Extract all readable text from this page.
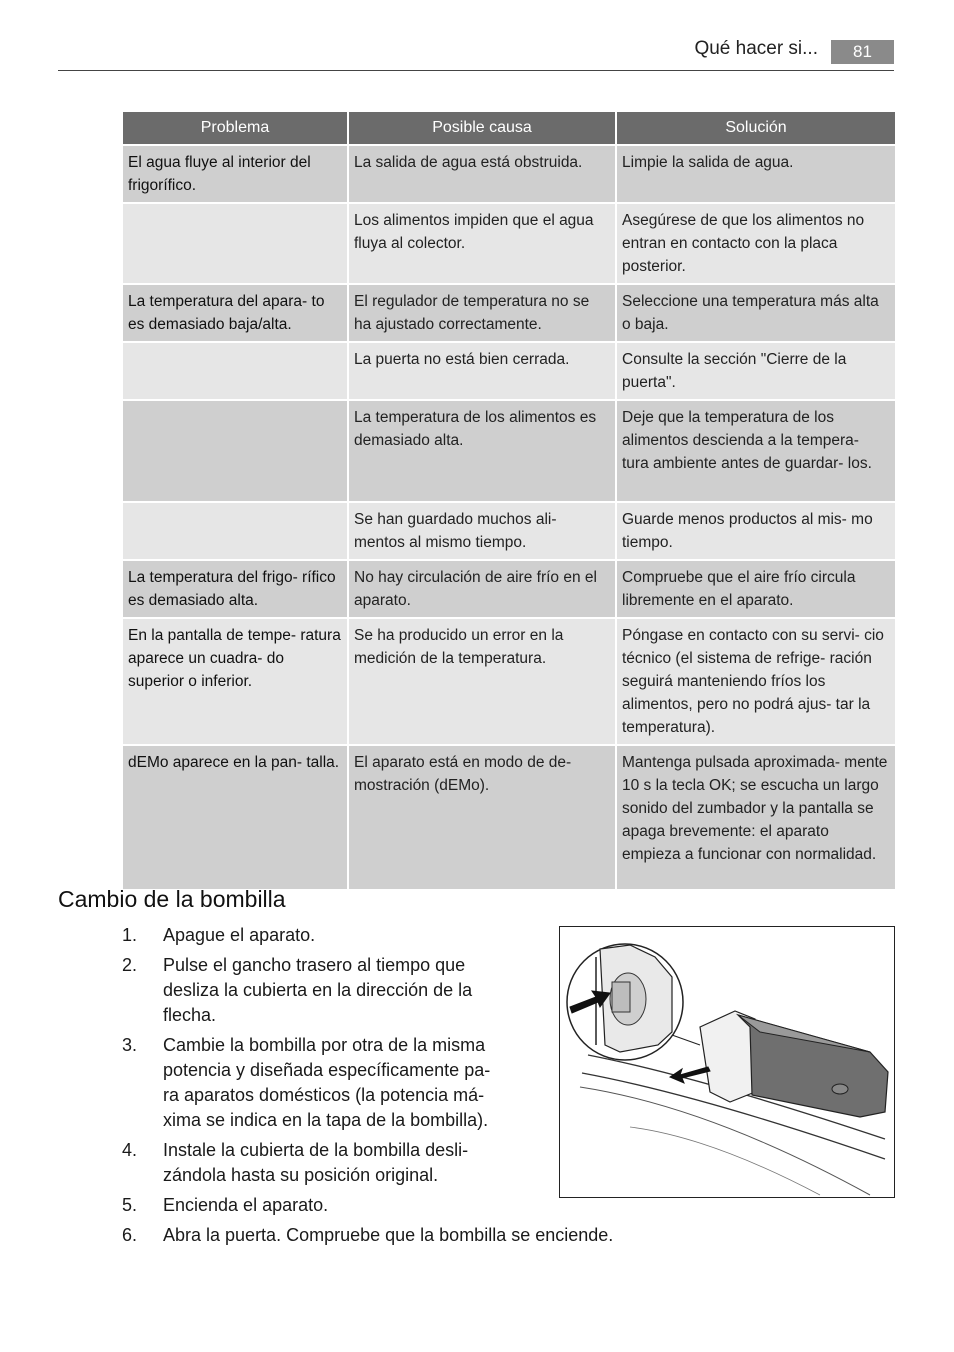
Qué hacer si...	81
Problema	Posible causa	Solución
El agua fluye al interior del frigorífico.	La salida de agua está obstruida.	Limpie la salida de agua.
	Los alimentos impiden que el agua fluya al colector.	Asegúrese de que los alimentos no entran en contacto con la placa posterior.
La temperatura del apara- to es demasiado baja/alta.	El regulador de temperatura no se ha ajustado correctamente.	Seleccione una temperatura más alta o baja.
	La puerta no está bien cerrada.	Consulte la sección "Cierre de la puerta".
	La temperatura de los alimentos es demasiado alta.	Deje que la temperatura de los alimentos descienda a la tempera- tura ambiente antes de guardar- los.
	Se han guardado muchos ali- mentos al mismo tiempo.	Guarde menos productos al mis- mo tiempo.
La temperatura del frigo- rífico es demasiado alta.	No hay circulación de aire frío en el aparato.	Compruebe que el aire frío circula libremente en el aparato.
En la pantalla de tempe- ratura aparece un cuadra- do superior o inferior.	Se ha producido un error en la medición de la temperatura.	Póngase en contacto con su servi- cio técnico (el sistema de refrige- ración seguirá manteniendo fríos los alimentos, pero no podrá ajus- tar la temperatura).
dEMo aparece en la pan- talla.	El aparato está en modo de de- mostración (dEMo).	Mantenga pulsada aproximada- mente 10 s la tecla OK; se escucha un largo sonido del zumbador y la pantalla se apaga brevemente: el aparato empieza a funcionar con normalidad.
Cambio de la bombilla
1. Apague el aparato.
2. Pulse el gancho trasero al tiempo que desliza la cubierta en la dirección de la flecha.
3. Cambie la bombilla por otra de la misma potencia y diseñada específicamente pa- ra aparatos domésticos (la potencia má- xima se indica en la tapa de la bombilla).
4. Instale la cubierta de la bombilla desli- zándola hasta su posición original.
5. Encienda el aparato.
6. Abra la puerta. Compruebe que la bombilla se enciende.
